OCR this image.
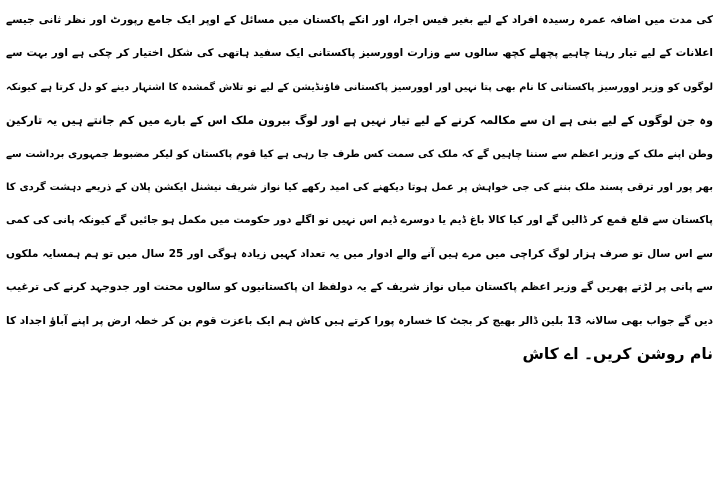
کی مدت میں اضافہ عمرہ رسیدہ افراد کے لیے بغیر فیس اجرا، اور انکے پاکستان میں مسائل کے اوپر ایک جامع رپورٹ اور نظر ثانی جیسے
اعلانات کے لیے تیار رہنا چاہیے پچھلے کچھ سالوں سے وزارت اوورسیز پاکستانی ایک سفید ہاتھی کی شکل اختیار کر چکی ہے اور بہت سے
لوگوں کو وزیر اوورسیز پاکستانی کا نام بھی پتا نہیں اور اوورسیز پاکستانی فاؤنڈیشن کے لیے تو تلاش گمشدہ کا اشتہار دینے کو دل کرتا ہے کیونکہ
وہ جن لوگوں کے لیے بنی ہے ان سے مکالمہ کرنے کے لیے تیار نہیں ہے اور لوگ بیرون ملک اس کے بارے میں کم جانتے ہیں یہ تارکین
وطن اپنے ملک کے وزیر اعظم سے سننا چاہیں گے کہ ملک کی سمت کس طرف جا رہی ہے کیا قوم پاکستان کو لیکر مضبوط جمہوری برداشت سے
بھر پور اور ترقی پسند ملک بننے کی جی خواہش پر عمل ہوتا دیکھنے کی امید رکھے کیا نواز شریف نیشنل ایکشن پلان کے ذریعے دہشت گردی کا
پاکستان سے قلع قمع کر ڈالیں گے اور کیا کالا باغ ڈیم یا دوسرے ڈیم اس نہیں تو اگلے دور حکومت میں مکمل ہو جائیں گے کیونکہ پانی کی کمی
سے اس سال تو صرف ہزار لوگ کراچی میں مرے ہیں آنے والے ادوار میں یہ تعداد کہیں زیادہ ہوگی اور 25 سال میں تو ہم ہمسایہ ملکوں
سے پانی پر لڑتے پھریں گے وزیر اعظم پاکستان میاں نواز شریف کے یہ دولفظ ان پاکستانیوں کو سالوں محنت اور جدوجہد کرنے کی ترغیب
دیں گے جواب بھی سالانہ 13 بلین ڈالر بھیج کر بجٹ کا خسارہ پورا کرتے ہیں کاش ہم ایک باعزت قوم بن کر خطہ ارض پر اپنے آباؤ اجداد کا
نام روشن کریں۔ اے کاش
